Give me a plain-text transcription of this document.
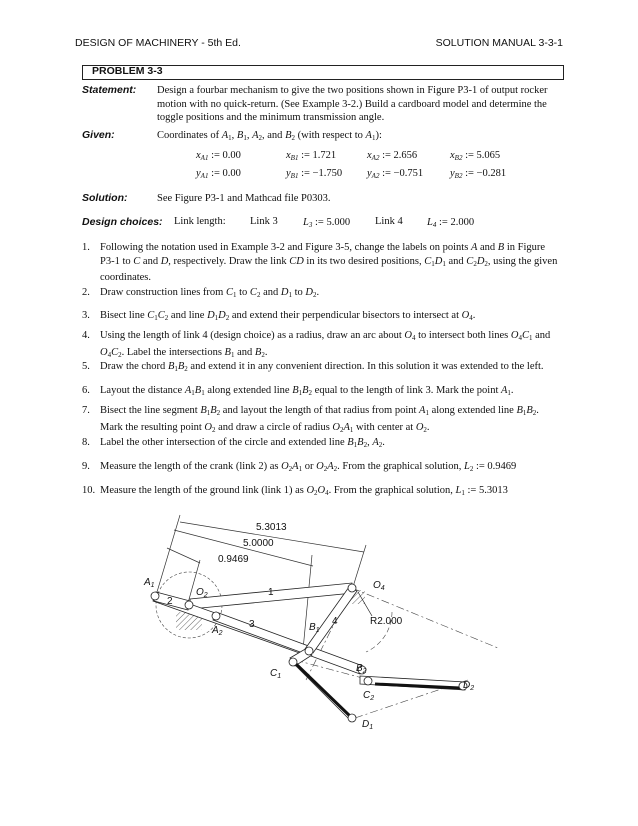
DESIGN OF MACHINERY - 5th Ed.	SOLUTION MANUAL 3-3-1
PROBLEM 3-3
Statement: Design a fourbar mechanism to give the two positions shown in Figure P3-1 of output rocker motion with no quick-return. (See Example 3-2.) Build a cardboard model and determine the toggle positions and the minimum transmission angle.
Given:	Coordinates of $A_1$, $B_1$, $A_2$, and $B_2$ (with respect to $A_1$):
$x_{A1}$ := 0.00	$x_{B1}$ := 1.721	$x_{A2}$ := 2.656	$x_{B2}$ := 5.065
$y_{A1}$ := 0.00	$y_{B1}$ := −1.750 $y_{A2}$ := −0.751	$y_{B2}$ := −0.281
Solution:	See Figure P3-1 and Mathcad file P0303.
Design choices: Link length: Link 3 $L_3$ := 5.000 Link 4 $L_4$ := 2.000
1. Following the notation used in Example 3-2 and Figure 3-5, change the labels on points A and B in Figure P3-1 to C and D, respectively. Draw the link CD in its two desired positions, $C_1D_1$ and $C_2D_2$, using the given coordinates.
2. Draw construction lines from $C_1$ to $C_2$ and $D_1$ to $D_2$.
3. Bisect line $C_1C_2$ and line $D_1D_2$ and extend their perpendicular bisectors to intersect at $O_4$.
4. Using the length of link 4 (design choice) as a radius, draw an arc about $O_4$ to intersect both lines $O_4C_1$ and $O_4C_2$. Label the intersections $B_1$ and $B_2$.
5. Draw the chord $B_1B_2$ and extend it in any convenient direction. In this solution it was extended to the left.
6. Layout the distance $A_1B_1$ along extended line $B_1B_2$ equal to the length of link 3. Mark the point $A_1$.
7. Bisect the line segment $B_1B_2$ and layout the length of that radius from point $A_1$ along extended line $B_1B_2$. Mark the resulting point $O_2$ and draw a circle of radius $O_2A_1$ with center at $O_2$.
8. Label the other intersection of the circle and extended line $B_1B_2$, $A_2$.
9. Measure the length of the crank (link 2) as $O_2A_1$ or $O_2A_2$. From the graphical solution, $L_2$ := 0.9469
10. Measure the length of the ground link (link 1) as $O_2O_4$. From the graphical solution, $L_1$ := 5.3013
5.3013
5.0000
0.9469
$A_1$
$O_2$
2
1
$O_4$
$A_2$
3	$B_1$
4	R2.000
$C_1$
$B_2$
$D_2$
$C_2$
$D_1$
